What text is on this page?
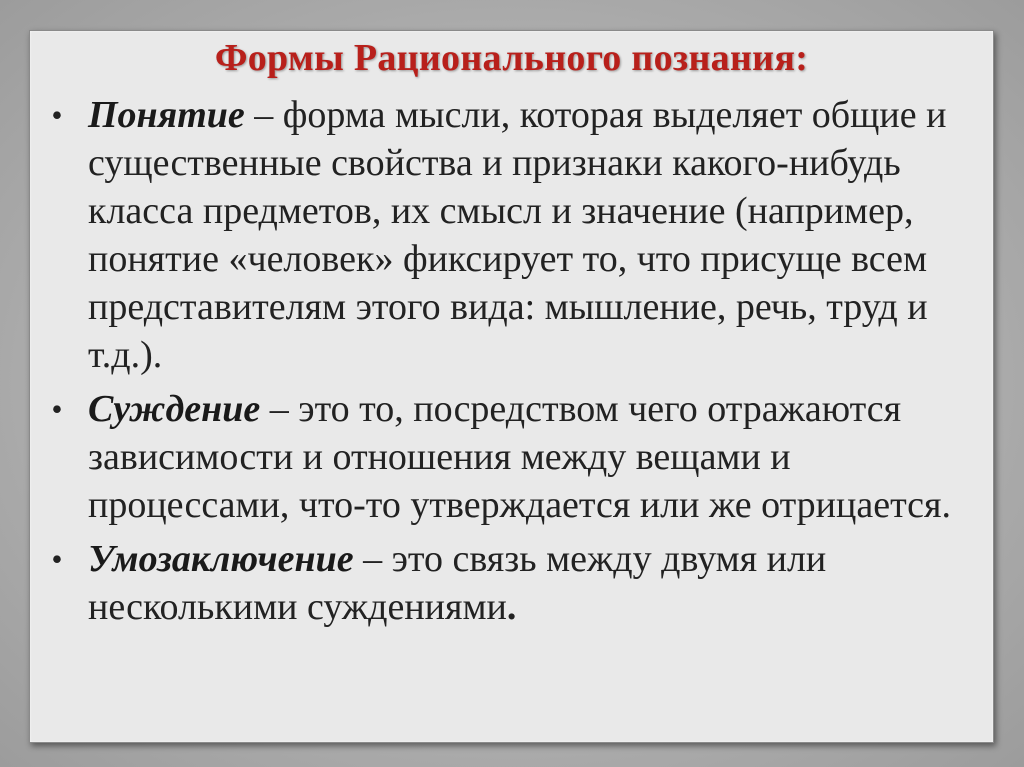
Формы Рационального познания:
• Понятие – форма мысли, которая выделяет общие и существенные свойства и признаки какого-нибудь класса предметов, их смысл и значение (например, понятие «человек» фиксирует то, что присуще всем представителям этого вида: мышление, речь, труд и т.д.).
• Суждение – это то, посредством чего отражаются зависимости и отношения между вещами и процессами, что-то утверждается или же отрицается.
• Умозаключение – это связь между двумя или несколькими суждениями.
